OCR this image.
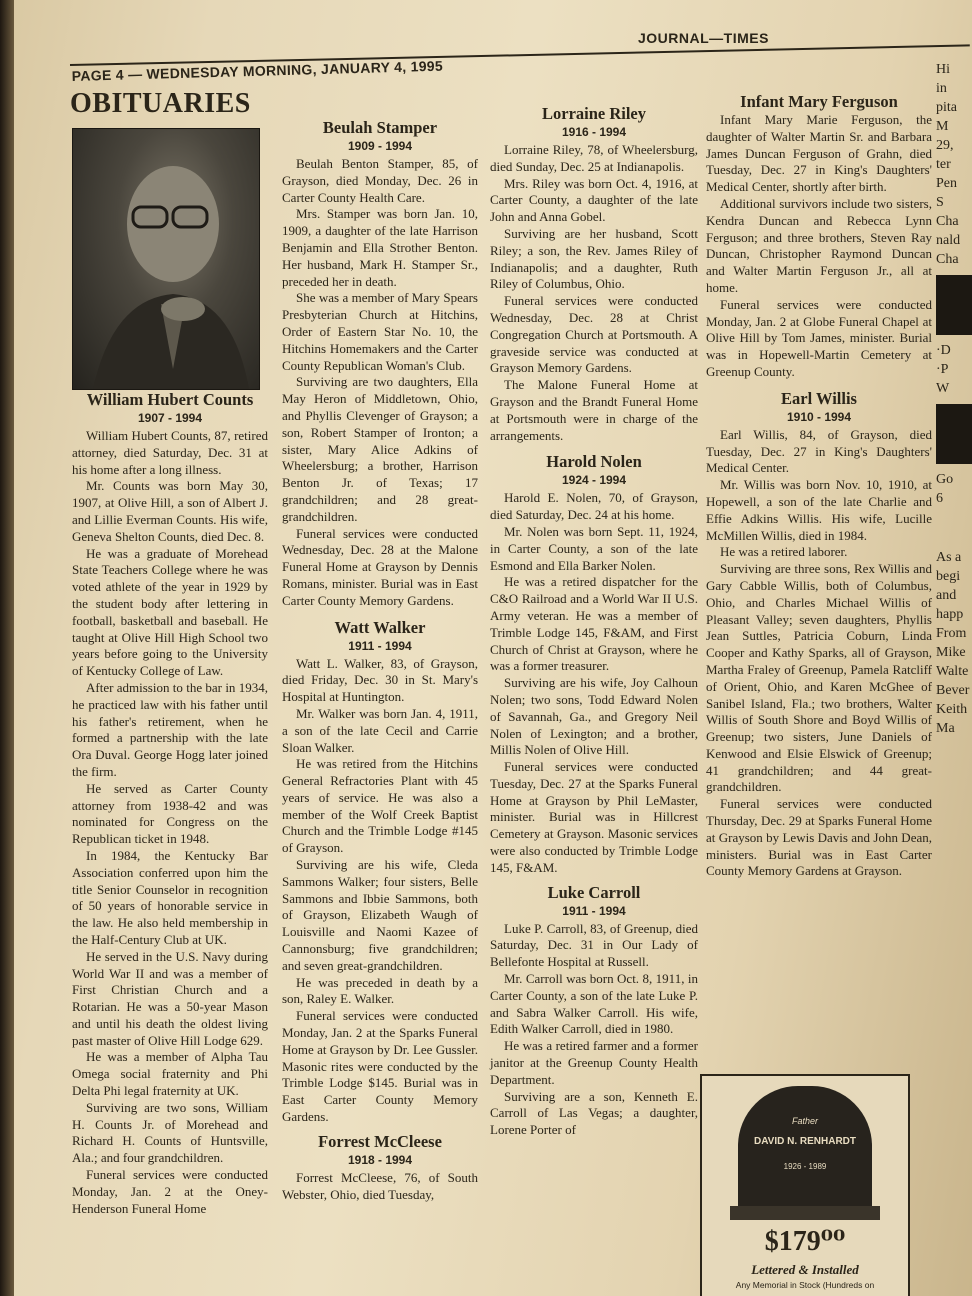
PAGE 4 — WEDNESDAY MORNING, JANUARY 4, 1995
JOURNAL—TIMES
OBITUARIES
William Hubert Counts
1907 - 1994

William Hubert Counts, 87, retired attorney, died Saturday, Dec. 31 at his home after a long illness.

Mr. Counts was born May 30, 1907, at Olive Hill, a son of Albert J. and Lillie Everman Counts. His wife, Geneva Shelton Counts, died Dec. 8.

He was a graduate of Morehead State Teachers College where he was voted athlete of the year in 1929 by the student body after lettering in football, basketball and baseball. He taught at Olive Hill High School two years before going to the University of Kentucky College of Law.

After admission to the bar in 1934, he practiced law with his father until his father's retirement, when he formed a partnership with the late Ora Duval. George Hogg later joined the firm.

He served as Carter County attorney from 1938-42 and was nominated for Congress on the Republican ticket in 1948.

In 1984, the Kentucky Bar Association conferred upon him the title Senior Counselor in recognition of 50 years of honorable service in the law. He also held membership in the Half-Century Club at UK.

He served in the U.S. Navy during World War II and was a member of First Christian Church and a Rotarian. He was a 50-year Mason and until his death the oldest living past master of Olive Hill Lodge 629.

He was a member of Alpha Tau Omega social fraternity and Phi Delta Phi legal fraternity at UK.

Surviving are two sons, William H. Counts Jr. of Morehead and Richard H. Counts of Huntsville, Ala.; and four grandchildren.

Funeral services were conducted Monday, Jan. 2 at the Oney-Henderson Funeral Home

Beulah Stamper
1909 - 1994

Beulah Benton Stamper, 85, of Grayson, died Monday, Dec. 26 in Carter County Health Care.

Mrs. Stamper was born Jan. 10, 1909, a daughter of the late Harrison Benjamin and Ella Strother Benton. Her husband, Mark H. Stamper Sr., preceded her in death.

She was a member of Mary Spears Presbyterian Church at Hitchins, Order of Eastern Star No. 10, the Hitchins Homemakers and the Carter County Republican Woman's Club.

Surviving are two daughters, Ella May Heron of Middletown, Ohio, and Phyllis Clevenger of Grayson; a son, Robert Stamper of Ironton; a sister, Mary Alice Adkins of Wheelersburg; a brother, Harrison Benton Jr. of Texas; 17 grandchildren; and 28 great-grandchildren.

Funeral services were conducted Wednesday, Dec. 28 at the Malone Funeral Home at Grayson by Dennis Romans, minister. Burial was in East Carter County Memory Gardens.

Watt Walker
1911 - 1994

Watt L. Walker, 83, of Grayson, died Friday, Dec. 30 in St. Mary's Hospital at Huntington.

Mr. Walker was born Jan. 4, 1911, a son of the late Cecil and Carrie Sloan Walker.

He was retired from the Hitchins General Refractories Plant with 45 years of service. He was also a member of the Wolf Creek Baptist Church and the Trimble Lodge #145 of Grayson.

Surviving are his wife, Cleda Sammons Walker; four sisters, Belle Sammons and Ibbie Sammons, both of Grayson, Elizabeth Waugh of Louisville and Naomi Kazee of Cannonsburg; five grandchildren; and seven great-grandchildren.

He was preceded in death by a son, Raley E. Walker.

Funeral services were conducted Monday, Jan. 2 at the Sparks Funeral Home at Grayson by Dr. Lee Gussler. Masonic rites were conducted by the Trimble Lodge $145. Burial was in East Carter County Memory Gardens.

Forrest McCleese
1918 - 1994

Forrest McCleese, 76, of South Webster, Ohio, died Tuesday,

Lorraine Riley
1916 - 1994

Lorraine Riley, 78, of Wheelersburg, died Sunday, Dec. 25 at Indianapolis.

Mrs. Riley was born Oct. 4, 1916, at Carter County, a daughter of the late John and Anna Gobel.

Surviving are her husband, Scott Riley; a son, the Rev. James Riley of Indianapolis; and a daughter, Ruth Riley of Columbus, Ohio.

Funeral services were conducted Wednesday, Dec. 28 at Christ Congregation Church at Portsmouth. A graveside service was conducted at Grayson Memory Gardens.

The Malone Funeral Home at Grayson and the Brandt Funeral Home at Portsmouth were in charge of the arrangements.

Harold Nolen
1924 - 1994

Harold E. Nolen, 70, of Grayson, died Saturday, Dec. 24 at his home.

Mr. Nolen was born Sept. 11, 1924, in Carter County, a son of the late Esmond and Ella Barker Nolen.

He was a retired dispatcher for the C&O Railroad and a World War II U.S. Army veteran. He was a member of Trimble Lodge 145, F&AM, and First Church of Christ at Grayson, where he was a former treasurer.

Surviving are his wife, Joy Calhoun Nolen; two sons, Todd Edward Nolen of Savannah, Ga., and Gregory Neil Nolen of Lexington; and a brother, Millis Nolen of Olive Hill.

Funeral services were conducted Tuesday, Dec. 27 at the Sparks Funeral Home at Grayson by Phil LeMaster, minister. Burial was in Hillcrest Cemetery at Grayson. Masonic services were also conducted by Trimble Lodge 145, F&AM.

Luke Carroll
1911 - 1994

Luke P. Carroll, 83, of Greenup, died Saturday, Dec. 31 in Our Lady of Bellefonte Hospital at Russell.

Mr. Carroll was born Oct. 8, 1911, in Carter County, a son of the late Luke P. and Sabra Walker Carroll. His wife, Edith Walker Carroll, died in 1980.

He was a retired farmer and a former janitor at the Greenup County Health Department.

Surviving are a son, Kenneth E. Carroll of Las Vegas; a daughter, Lorene Porter of

Infant Mary Ferguson

Infant Mary Marie Ferguson, the daughter of Walter Martin Sr. and Barbara James Duncan Ferguson of Grahn, died Tuesday, Dec. 27 in King's Daughters' Medical Center, shortly after birth.

Additional survivors include two sisters, Kendra Duncan and Rebecca Lynn Ferguson; and three brothers, Steven Ray Duncan, Christopher Raymond Duncan and Walter Martin Ferguson Jr., all at home.

Funeral services were conducted Monday, Jan. 2 at Globe Funeral Chapel at Olive Hill by Tom James, minister. Burial was in Hopewell-Martin Cemetery at Greenup County.

Earl Willis
1910 - 1994

Earl Willis, 84, of Grayson, died Tuesday, Dec. 27 in King's Daughters' Medical Center.

Mr. Willis was born Nov. 10, 1910, at Hopewell, a son of the late Charlie and Effie Adkins Willis. His wife, Lucille McMillen Willis, died in 1984.

He was a retired laborer.

Surviving are three sons, Rex Willis and Gary Cabble Willis, both of Columbus, Ohio, and Charles Michael Willis of Pleasant Valley; seven daughters, Phyllis Jean Suttles, Patricia Coburn, Linda Cooper and Kathy Sparks, all of Grayson, Martha Fraley of Greenup, Pamela Ratcliff of Orient, Ohio, and Karen McGhee of Sanibel Island, Fla.; two brothers, Walter Willis of South Shore and Boyd Willis of Greenup; two sisters, June Daniels of Kenwood and Elsie Elswick of Greenup; 41 grandchildren; and 44 great-grandchildren.

Funeral services were conducted Thursday, Dec. 29 at Sparks Funeral Home at Grayson by Lewis Davis and John Dean, ministers. Burial was in East Carter County Memory Gardens at Grayson.

Father
DAVID N. RENHARDT
1926 - 1989
$179⁰⁰
Lettered & Installed
Any Memorial in Stock (Hundreds on
Hi
in
pita
M
29,
ter
Pen
S
Cha
nald
Cha
·D
·P
W
Go
6
As a
begi
and
happ
From
Mike
Walte
Bever
Keith
Ma
